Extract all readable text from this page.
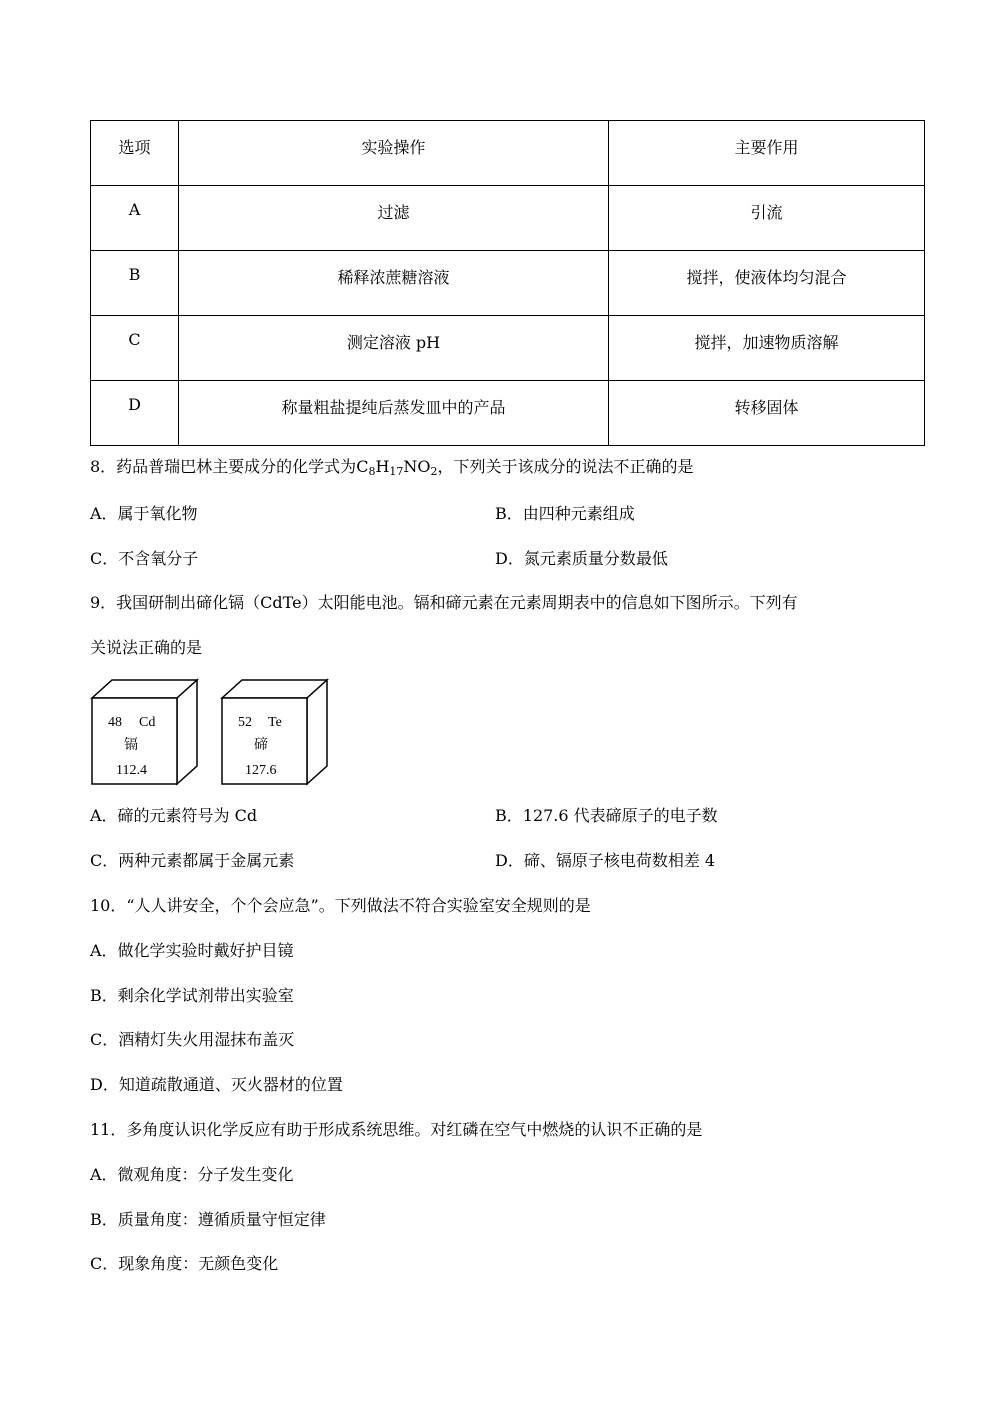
选项	实验操作	主要作用
A	过滤	引流
B	稀释浓蔗糖溶液	搅拌，使液体均匀混合
C	测定溶液 pH	搅拌，加速物质溶解
D	称量粗盐提纯后蒸发皿中的产品	转移固体
8．药品普瑞巴林主要成分的化学式为$C_8H_{17}NO_2$，下列关于该成分的说法不正确的是
A．属于氧化物	B．由四种元素组成
C．不含氧分子	D．氮元素质量分数最低
9．我国研制出碲化镉（CdTe）太阳能电池。镉和碲元素在元素周期表中的信息如下图所示。下列有
关说法正确的是
48 Cd
镉
112.4
52 Te
碲
127.6
A．碲的元素符号为 Cd	B．127.6 代表碲原子的电子数
C．两种元素都属于金属元素	D．碲、镉原子核电荷数相差 4
10．“人人讲安全，个个会应急”。下列做法不符合实验室安全规则的是
A．做化学实验时戴好护目镜
B．剩余化学试剂带出实验室
C．酒精灯失火用湿抹布盖灭
D．知道疏散通道、灭火器材的位置
11．多角度认识化学反应有助于形成系统思维。对红磷在空气中燃烧的认识不正确的是
A．微观角度：分子发生变化
B．质量角度：遵循质量守恒定律
C．现象角度：无颜色变化
